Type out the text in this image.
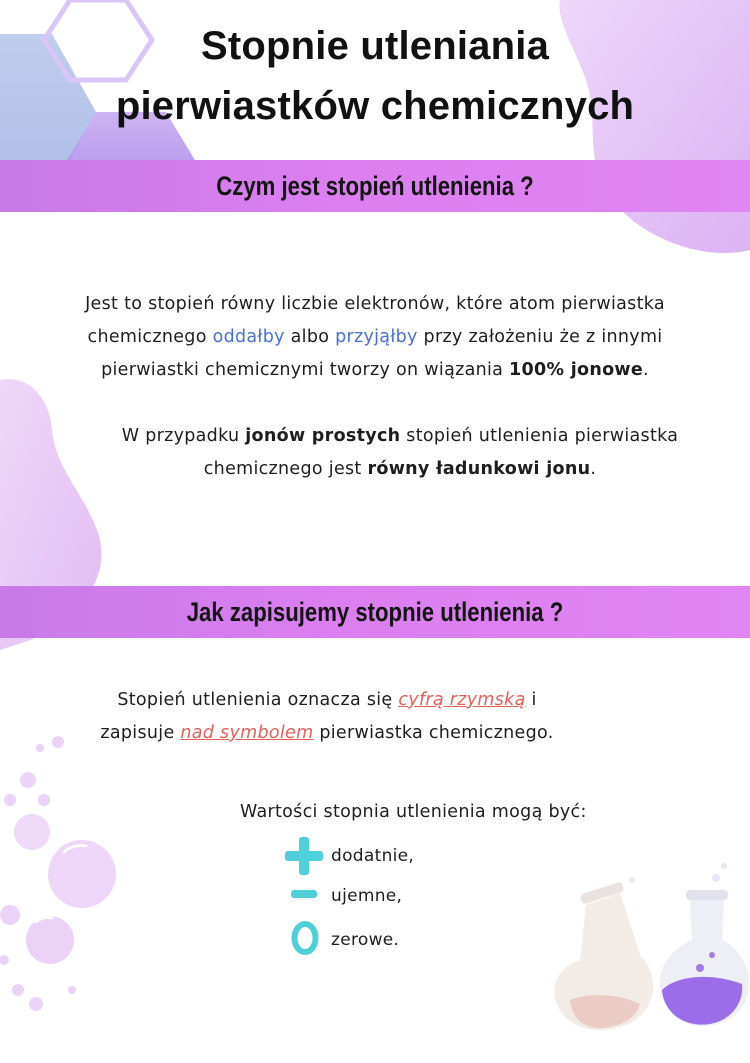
Stopnie utleniania
pierwiastków chemicznych
Czym jest stopień utlenienia ?
Jest to stopień równy liczbie elektronów, które atom pierwiastka
chemicznego oddałby albo przyjąłby przy założeniu że z innymi
pierwiastki chemicznymi tworzy on wiązania 100% jonowe.
W przypadku jonów prostych stopień utlenienia pierwiastka
chemicznego jest równy ładunkowi jonu.
Jak zapisujemy stopnie utlenienia ?
Stopień utlenienia oznacza się cyfrą rzymską i
zapisuje nad symbolem pierwiastka chemicznego.
Wartości stopnia utlenienia mogą być:
dodatnie,
ujemne,
zerowe.
